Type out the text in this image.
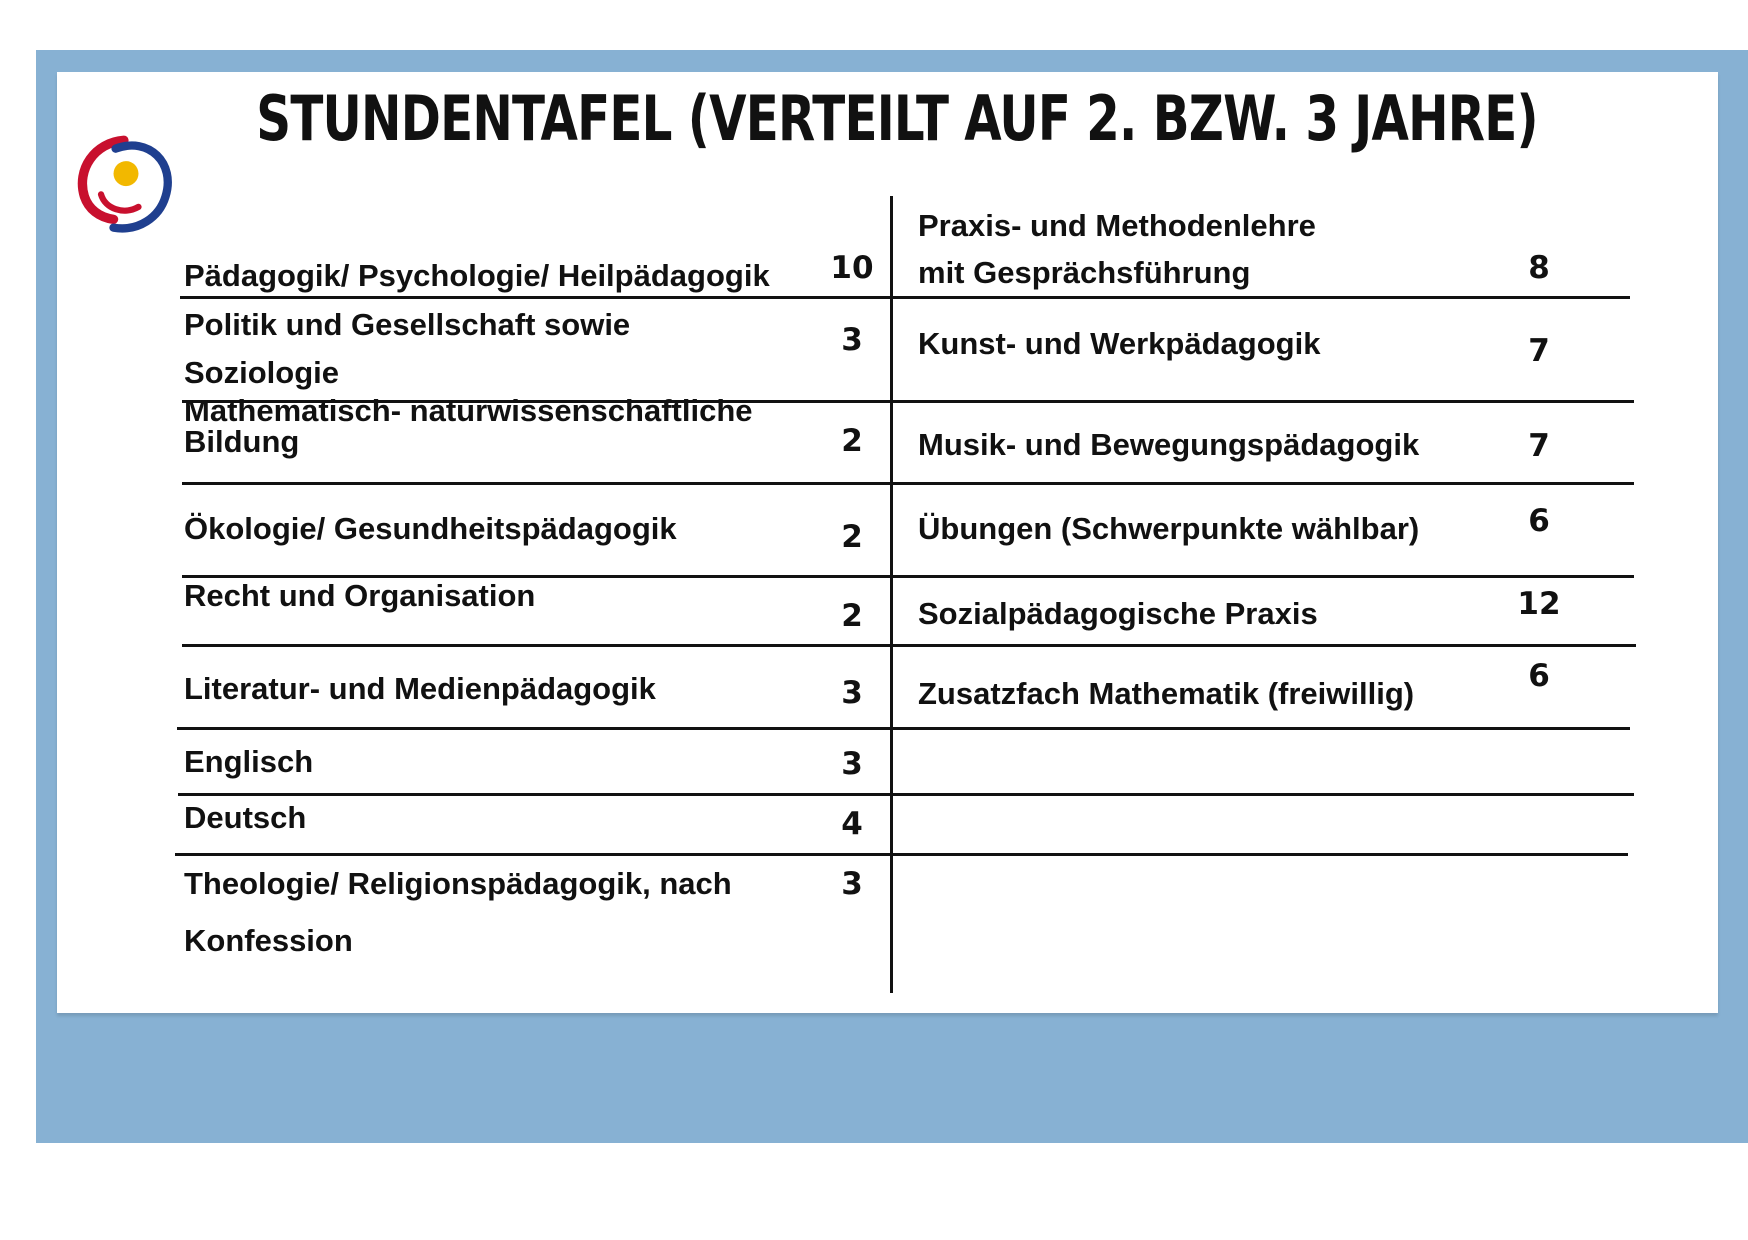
STUNDENTAFEL (VERTEILT AUF 2. BZW. 3 JAHRE)
Pädagogik/ Psychologie/ Heilpädagogik	10
Politik und Gesellschaft sowie
Soziologie
3
Mathematisch- naturwissenschaftliche
Bildung	2
Ökologie/ Gesundheitspädagogik	2
Recht und Organisation
2
Literatur- und Medienpädagogik	3
Englisch	3
Deutsch	4
Theologie/ Religionspädagogik, nach
Konfession
3
Praxis- und Methodenlehre
mit Gesprächsführung	8
Kunst- und Werkpädagogik	7
Musik- und Bewegungspädagogik	7
Übungen (Schwerpunkte wählbar)	6
Sozialpädagogische Praxis	12
Zusatzfach Mathematik (freiwillig)	6
